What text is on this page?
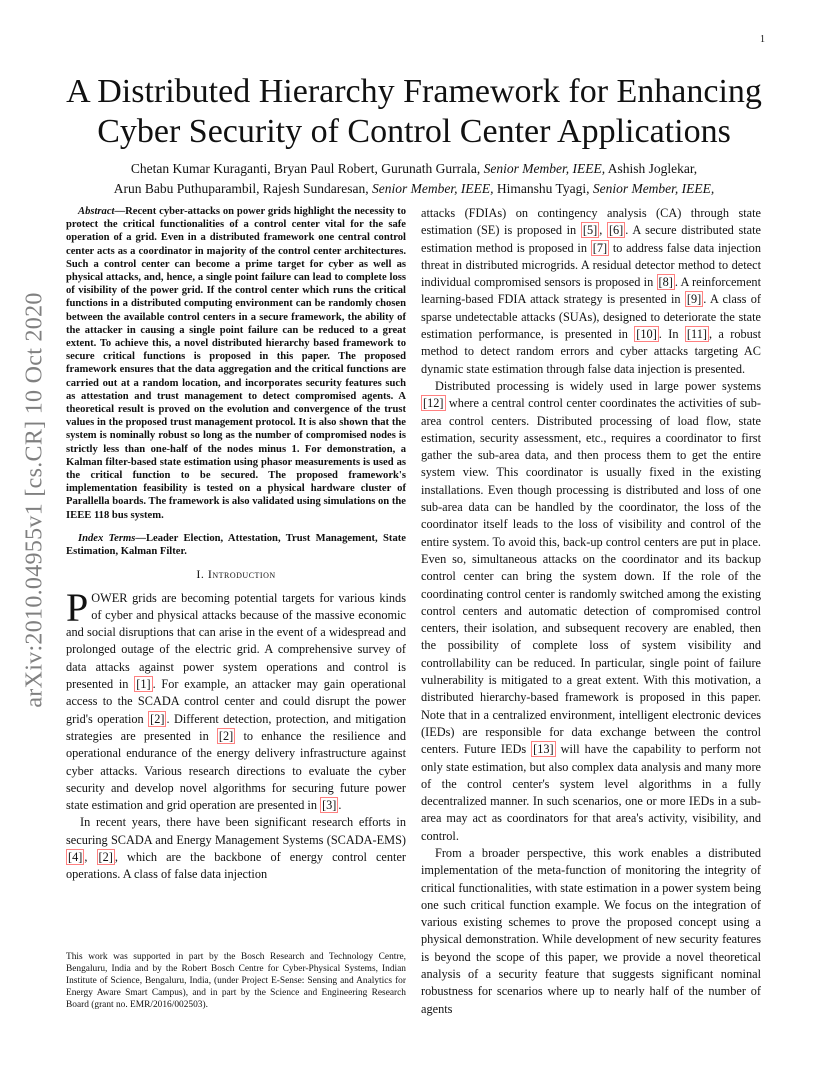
1
arXiv:2010.04955v1 [cs.CR] 10 Oct 2020
A Distributed Hierarchy Framework for Enhancing Cyber Security of Control Center Applications
Chetan Kumar Kuraganti, Bryan Paul Robert, Gurunath Gurrala, Senior Member, IEEE, Ashish Joglekar,
Arun Babu Puthuparambil, Rajesh Sundaresan, Senior Member, IEEE, Himanshu Tyagi, Senior Member, IEEE,

Abstract—Recent cyber-attacks on power grids highlight the necessity to protect the critical functionalities of a control center vital for the safe operation of a grid. Even in a distributed framework one central control center acts as a coordinator in majority of the control center architectures. Such a control center can become a prime target for cyber as well as physical attacks, and, hence, a single point failure can lead to complete loss of visibility of the power grid. If the control center which runs the critical functions in a distributed computing environment can be randomly chosen between the available control centers in a secure framework, the ability of the attacker in causing a single point failure can be reduced to a great extent. To achieve this, a novel distributed hierarchy based framework to secure critical functions is proposed in this paper. The proposed framework ensures that the data aggregation and the critical functions are carried out at a random location, and incorporates security features such as attestation and trust management to detect compromised agents. A theoretical result is proved on the evolution and convergence of the trust values in the proposed trust management protocol. It is also shown that the system is nominally robust so long as the number of compromised nodes is strictly less than one-half of the nodes minus 1. For demonstration, a Kalman filter-based state estimation using phasor measurements is used as the critical function to be secured. The proposed framework's implementation feasibility is tested on a physical hardware cluster of Parallella boards. The framework is also validated using simulations on the IEEE 118 bus system.

Index Terms—Leader Election, Attestation, Trust Management, State Estimation, Kalman Filter.

I. Introduction

POWER grids are becoming potential targets for various kinds of cyber and physical attacks because of the massive economic and social disruptions that can arise in the event of a widespread and prolonged outage of the electric grid. A comprehensive survey of data attacks against power system operations and control is presented in [1] . For example, an attacker may gain operational access to the SCADA control center and could disrupt the power grid's operation [2] . Different detection, protection, and mitigation strategies are presented in [2] to enhance the resilience and operational endurance of the energy delivery infrastructure against cyber attacks. Various research directions to evaluate the cyber security and develop novel algorithms for securing future power state estimation and grid operation are presented in [3] .

In recent years, there have been significant research efforts in securing SCADA and Energy Management Systems (SCADA-EMS) [4] , [2] , which are the backbone of energy control center operations. A class of false data injection

This work was supported in part by the Bosch Research and Technology Centre, Bengaluru, India and by the Robert Bosch Centre for Cyber-Physical Systems, Indian Institute of Science, Bengaluru, India, (under Project E-Sense: Sensing and Analytics for Energy Aware Smart Campus), and in part by the Science and Engineering Research Board (grant no. EMR/2016/002503).

attacks (FDIAs) on contingency analysis (CA) through state estimation (SE) is proposed in [5] , [6] . A secure distributed state estimation method is proposed in [7] to address false data injection threat in distributed microgrids. A residual detector method to detect individual compromised sensors is proposed in [8] . A reinforcement learning-based FDIA attack strategy is presented in [9] . A class of sparse undetectable attacks (SUAs), designed to deteriorate the state estimation performance, is presented in [10] . In [11] , a robust method to detect random errors and cyber attacks targeting AC dynamic state estimation through false data injection is presented.

Distributed processing is widely used in large power systems [12] where a central control center coordinates the activities of sub-area control centers. Distributed processing of load flow, state estimation, security assessment, etc., requires a coordinator to first gather the sub-area data, and then process them to get the entire system view. This coordinator is usually fixed in the existing installations. Even though processing is distributed and loss of one sub-area data can be handled by the coordinator, the loss of the coordinator itself leads to the loss of visibility and control of the entire system. To avoid this, back-up control centers are put in place. Even so, simultaneous attacks on the coordinator and its backup control center can bring the system down. If the role of the coordinating control center is randomly switched among the existing control centers and automatic detection of compromised control centers, their isolation, and subsequent recovery are enabled, then the possibility of complete loss of system visibility and controllability can be reduced. In particular, single point of failure vulnerability is mitigated to a great extent. With this motivation, a distributed hierarchy-based framework is proposed in this paper. Note that in a centralized environment, intelligent electronic devices (IEDs) are responsible for data exchange between the control centers. Future IEDs [13] will have the capability to perform not only state estimation, but also complex data analysis and many more of the control center's system level algorithms in a fully decentralized manner. In such scenarios, one or more IEDs in a sub-area may act as coordinators for that area's activity, visibility, and control.

From a broader perspective, this work enables a distributed implementation of the meta-function of monitoring the integrity of critical functionalities, with state estimation in a power system being one such critical function example. We focus on the integration of various existing schemes to prove the proposed concept using a physical demonstration. While development of new security features is beyond the scope of this paper, we provide a novel theoretical analysis of a security feature that suggests significant nominal robustness for scenarios where up to nearly half of the number of agents
